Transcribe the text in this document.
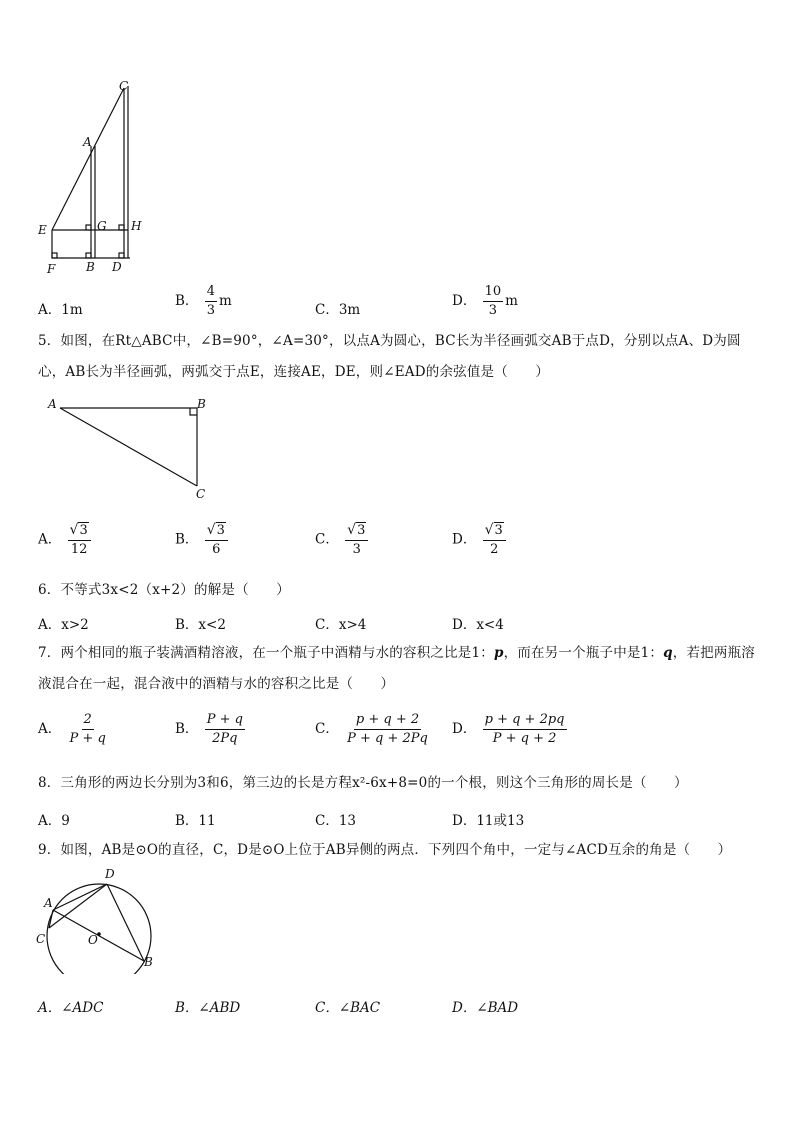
C
A
E	G H
F	B D
A．1m
B． $\frac{4}{3}$ m
C．3m
D． $\frac{10}{3}$ m
5．如图，在Rt△ABC中，∠B=90°，∠A=30°，以点A为圆心，BC长为半径画弧交AB于点D，分别以点A、D为圆心，AB长为半径画弧，两弧交于点E，连接AE，DE，则∠EAD的余弦值是（　　）
A	B
C
A． $\frac{√ 3}{12}$	B． $\frac{√ 3}{6}$	C． $\frac{√ 3}{3}$	D． $\frac{√ 3}{2}$
6．不等式3x<2（x+2）的解是（　　）
A．x>2	B．x<2	C．x>4	D．x<4
7．两个相同的瓶子装满酒精溶液，在一个瓶子中酒精与水的容积之比是1：p，而在另一个瓶子中是1：q，若把两瓶溶液混合在一起，混合液中的酒精与水的容积之比是（　　）
A． $\frac{2}{P + q}$	B． $\frac{P + q}{2Pq}$	C． $\frac{p + q + 2}{P + q + 2Pq}$ D． $\frac{p + q + 2pq}{P + q + 2}$
8．三角形的两边长分别为3和6，第三边的长是方程x²-6x+8=0的一个根，则这个三角形的周长是（　　）
A．9	B．11	C．13	D．11或13
9．如图，AB是⊙O的直径，C，D是⊙O上位于AB异侧的两点．下列四个角中，一定与∠ACD互余的角是（　　）
D
A
C	O
B
A．∠ADC	B．∠ABD	C．∠BAC	D．∠BAD
